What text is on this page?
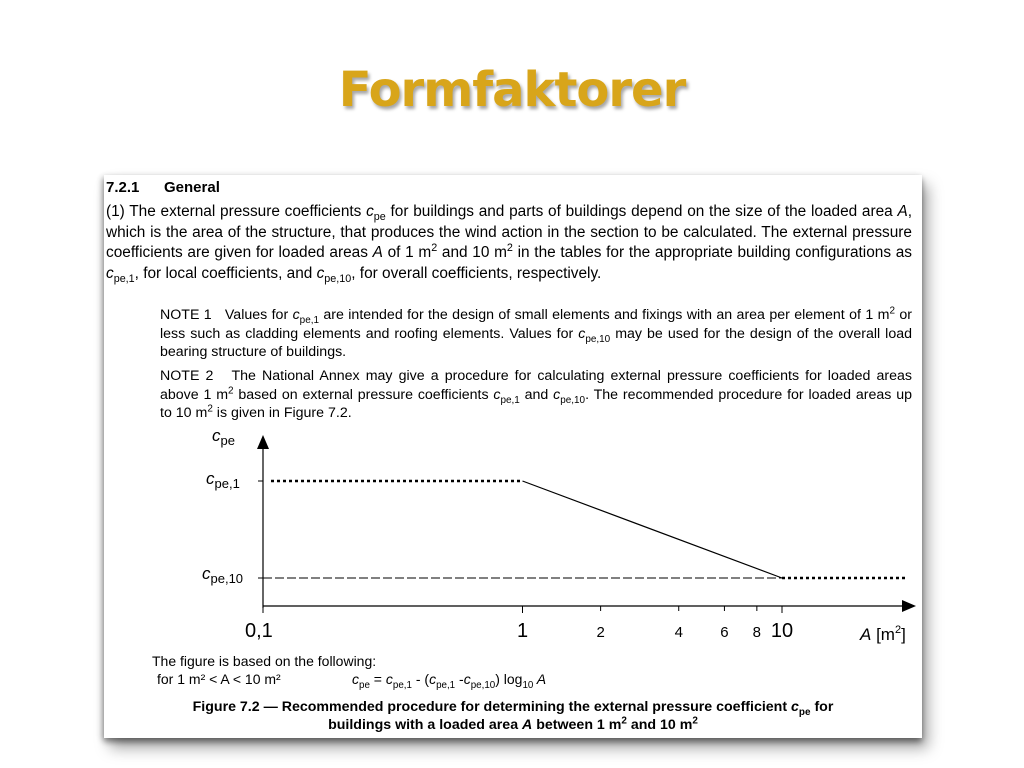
Formfaktorer
7.2.1 General

(1) The external pressure coefficients $c_{pe}$ for buildings and parts of buildings depend on the size of the loaded area A, which is the area of the structure, that produces the wind action in the section to be calculated. The external pressure coefficients are given for loaded areas A of 1 $m^2$ and 10 $m^2$ in the tables for the appropriate building configurations as $c_{pe,1}$, for local coefficients, and $c_{pe,10}$, for overall coefficients, respectively.

NOTE 1 Values for $c_{pe,1}$ are intended for the design of small elements and fixings with an area per element of 1 $m^2$ or less such as cladding elements and roofing elements. Values for $c_{pe,10}$ may be used for the design of the overall load bearing structure of buildings.

NOTE 2 The National Annex may give a procedure for calculating external pressure coefficients for loaded areas above 1 $m^2$ based on external pressure coefficients $c_{pe,1}$ and $c_{pe,10}$. The recommended procedure for loaded areas up to 10 $m^2$ is given in Figure 7.2.

$c_{pe}$
$c_{pe,1}$
$c_{pe,10}$
0,1	1	2	4 6 8 10	A $[m^2]$
The figure is based on the following:
for 1 m² < A < 10 m²	$c_{pe} = c_{pe,1} - (c_{pe,1}$ $-c_{pe,10}$) $\log_{10} A$
Figure 7.2 — Recommended procedure for determining the external pressure coefficient $c_{pe}$ for
buildings with a loaded area A between 1 $m^2$ and 10 $m^2$
